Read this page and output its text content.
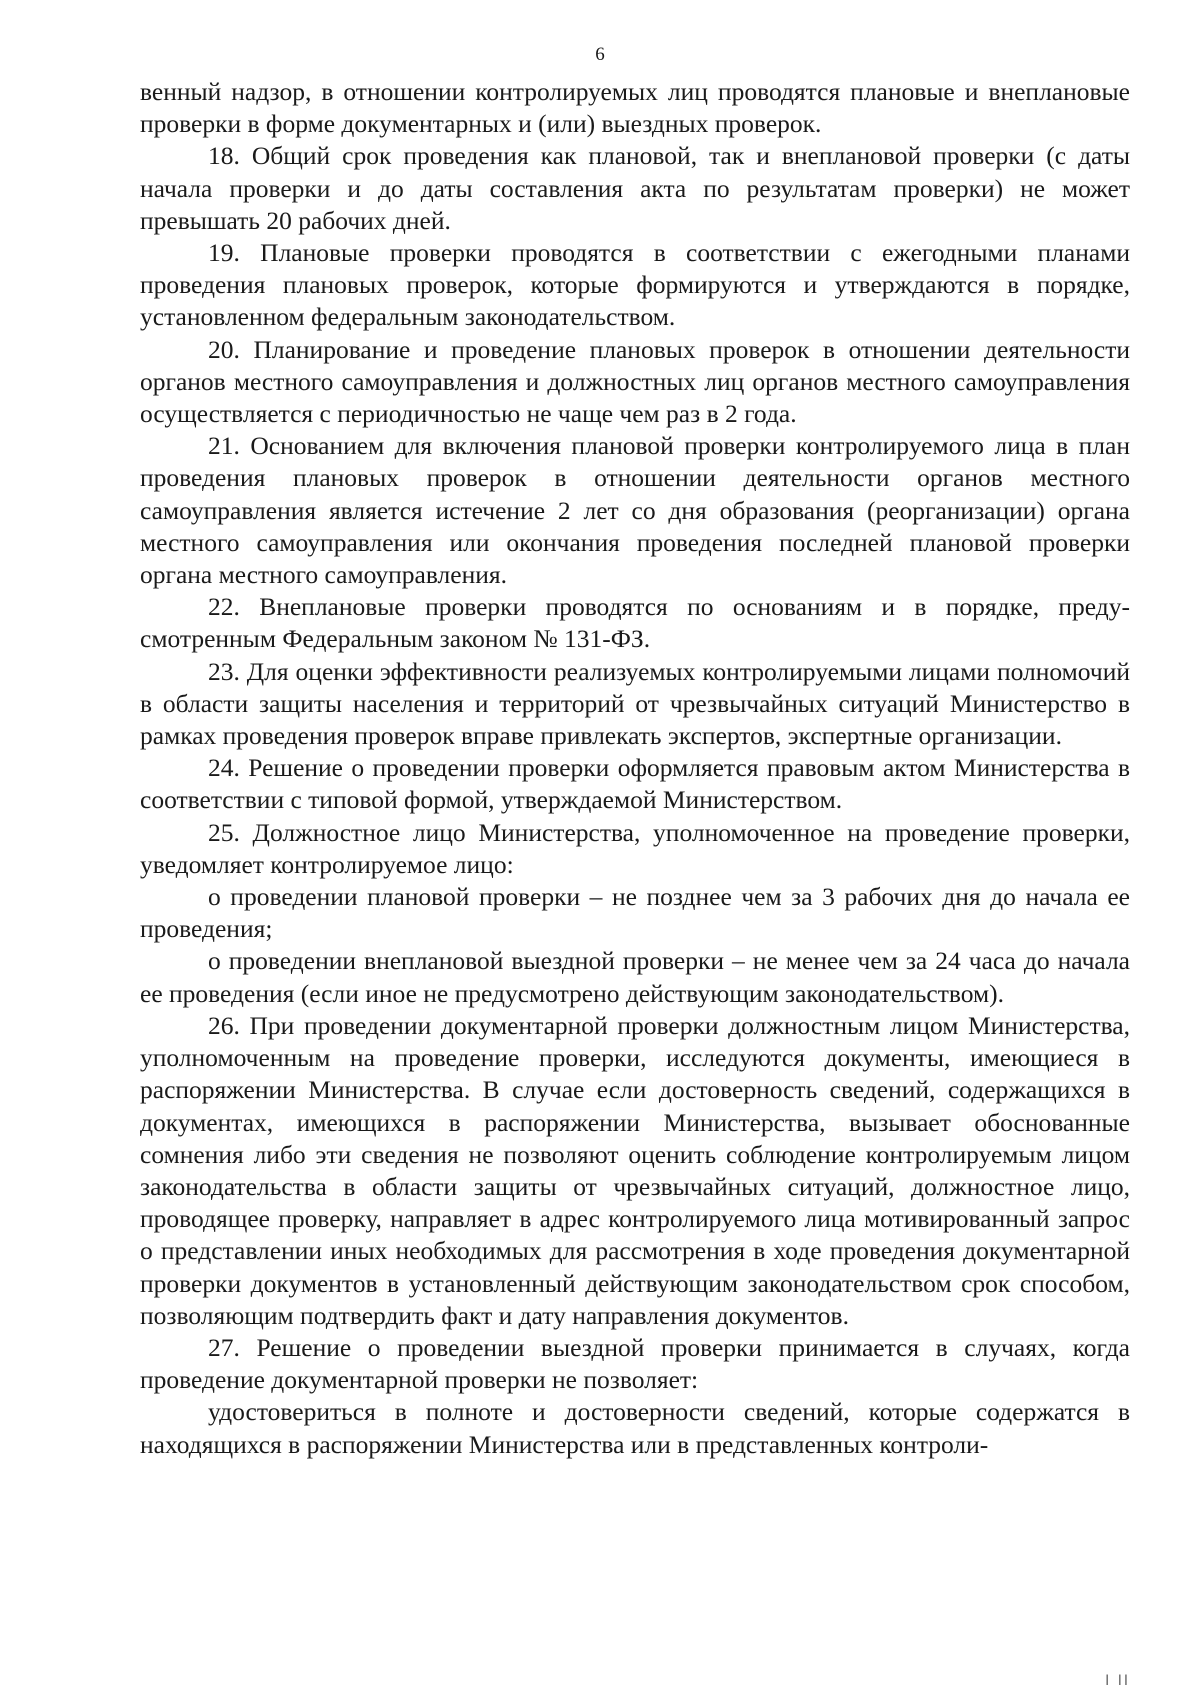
6

венный надзор, в отношении контролируемых лиц проводятся плановые и внеплановые проверки в форме документарных и (или) выездных проверок.

18. Общий срок проведения как плановой, так и внеплановой проверки (с даты начала проверки и до даты составления акта по результатам проверки) не может превышать 20 рабочих дней.

19. Плановые проверки проводятся в соответствии с ежегодными планами проведения плановых проверок, которые формируются и утверждаются в порядке, установленном федеральным законодательством.

20. Планирование и проведение плановых проверок в отношении деятельности органов местного самоуправления и должностных лиц органов местного самоуправления осуществляется с периодичностью не чаще чем раз в 2 года.

21. Основанием для включения плановой проверки контролируемого лица в план проведения плановых проверок в отношении деятельности органов местного самоуправления является истечение 2 лет со дня образования (реорганизации) органа местного самоуправления или окончания проведения последней плановой проверки органа местного самоуправления.

22. Внеплановые проверки проводятся по основаниям и в порядке, предусмотренным Федеральным законом № 131-ФЗ.

23. Для оценки эффективности реализуемых контролируемыми лицами полномочий в области защиты населения и территорий от чрезвычайных ситуаций Министерство в рамках проведения проверок вправе привлекать экспертов, экспертные организации.

24. Решение о проведении проверки оформляется правовым актом Министерства в соответствии с типовой формой, утверждаемой Министерством.

25. Должностное лицо Министерства, уполномоченное на проведение проверки, уведомляет контролируемое лицо:

о проведении плановой проверки – не позднее чем за 3 рабочих дня до начала ее проведения;

о проведении внеплановой выездной проверки – не менее чем за 24 часа до начала ее проведения (если иное не предусмотрено действующим законодательством).

26. При проведении документарной проверки должностным лицом Министерства, уполномоченным на проведение проверки, исследуются документы, имеющиеся в распоряжении Министерства. В случае если достоверность сведений, содержащихся в документах, имеющихся в распоряжении Министерства, вызывает обоснованные сомнения либо эти сведения не позволяют оценить соблюдение контролируемым лицом законодательства в области защиты от чрезвычайных ситуаций, должностное лицо, проводящее проверку, направляет в адрес контролируемого лица мотивированный запрос о представлении иных необходимых для рассмотрения в ходе проведения документарной проверки документов в установленный действующим законодательством срок способом, позволяющим подтвердить факт и дату направления документов.

27. Решение о проведении выездной проверки принимается в случаях, когда проведение документарной проверки не позволяет:

удостовериться в полноте и достоверности сведений, которые содержатся в находящихся в распоряжении Министерства или в представленных контроли-

I II
